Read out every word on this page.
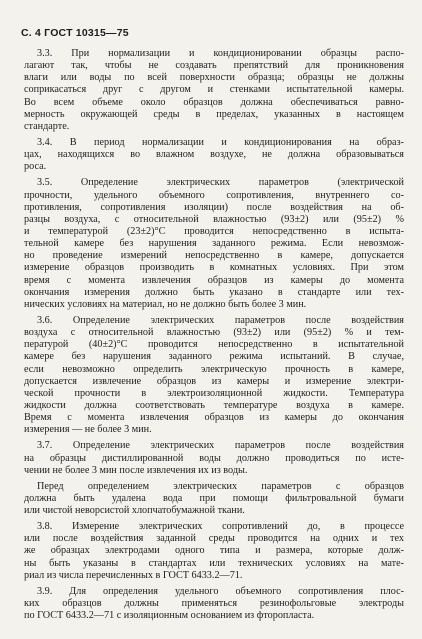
С. 4 ГОСТ 10315—75
3.3. При нормализации и кондиционировании образцы распо-
лагают так, чтобы не создавать препятствий для проникновения
влаги или воды по всей поверхности образца; образцы не должны
соприкасаться друг с другом и стенками испытательной камеры.
Во всем объеме около образцов должна обеспечиваться равно-
мерность окружающей среды в пределах, указанных в настоящем
стандарте.
3.4. В период нормализации и кондиционирования на образ-
цах, находящихся во влажном воздухе, не должна образовываться
роса.
3.5. Определение электрических параметров (электрической
прочности, удельного объемного сопротивления, внутреннего со-
противления, сопротивления изоляции) после воздействия на об-
разцы воздуха, с относительной влажностью (93±2) или (95±2) %
и температурой (23±2)°С проводится непосредственно в испыта-
тельной камере без нарушения заданного режима. Если невозмож-
но проведение измерений непосредственно в камере, допускается
измерение образцов производить в комнатных условиях. При этом
время с момента извлечения образцов из камеры до момента
окончания измерения должно быть указано в стандарте или тех-
нических условиях на материал, но не должно быть более 3 мин.
3.6. Определение электрических параметров после воздействия
воздуха с относительной влажностью (93±2) или (95±2) % и тем-
пературой (40±2)°С проводится непосредственно в испытательной
камере без нарушения заданного режима испытаний. В случае,
если невозможно определить электрическую прочность в камере,
допускается извлечение образцов из камеры и измерение электри-
ческой прочности в электроизоляционной жидкости. Температура
жидкости должна соответствовать температуре воздуха в камере.
Время с момента извлечения образцов из камеры до окончания
измерения — не более 3 мин.
3.7. Определение электрических параметров после воздействия
на образцы дистиллированной воды должно проводиться по исте-
чении не более 3 мин после извлечения их из воды.
Перед определением электрических параметров с образцов
должна быть удалена вода при помощи фильтровальной бумаги
или чистой неворсистой хлопчатобумажной ткани.
3.8. Измерение электрических сопротивлений до, в процессе
или после воздействия заданной среды проводится на одних и тех
же образцах электродами одного типа и размера, которые долж-
ны быть указаны в стандартах или технических условиях на мате-
риал из числа перечисленных в ГОСТ 6433.2—71.
3.9. Для определения удельного объемного сопротивления плос-
ких образцов должны применяться резинофольговые электроды
по ГОСТ 6433.2—71 с изоляционным основанием из фторопласта.
